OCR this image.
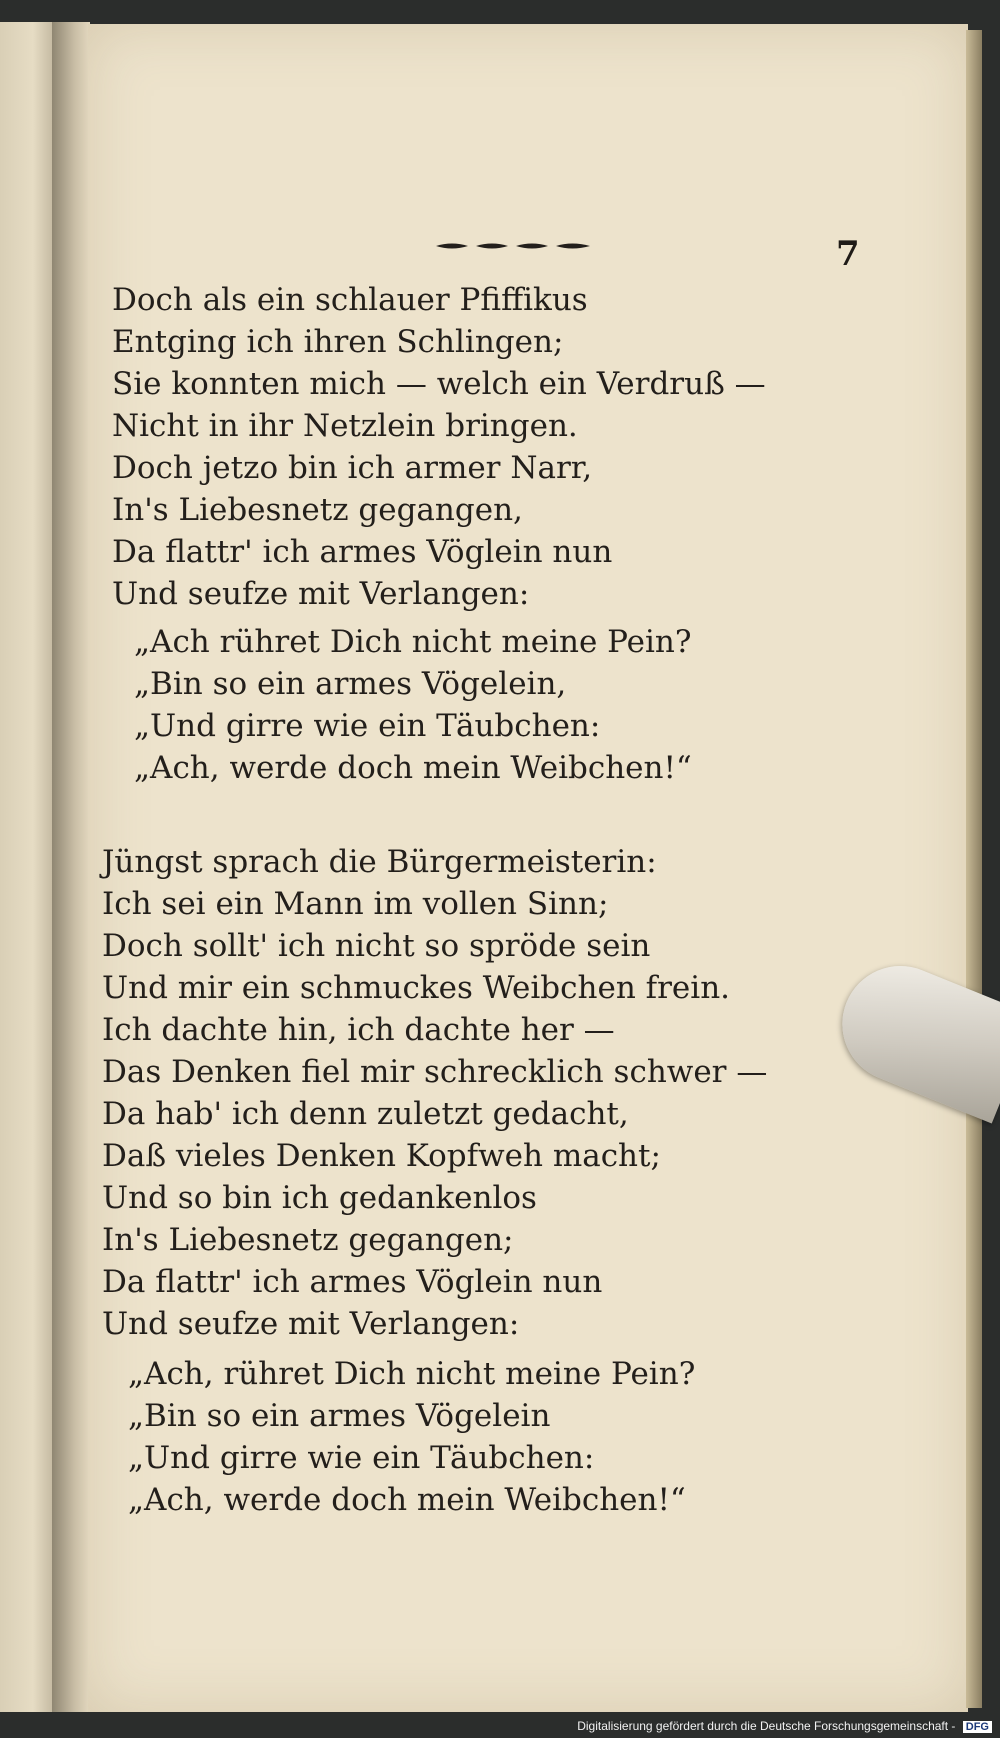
7
Doch als ein schlauer Pfiffikus
Entging ich ihren Schlingen;
Sie konnten mich — welch ein Verdruß —
Nicht in ihr Netzlein bringen.
Doch jetzo bin ich armer Narr,
In's Liebesnetz gegangen,
Da flattr' ich armes Vöglein nun
Und seufze mit Verlangen:
„Ach rühret Dich nicht meine Pein?
„Bin so ein armes Vögelein,
„Und girre wie ein Täubchen:
„Ach, werde doch mein Weibchen!“
Jüngst sprach die Bürgermeisterin:
Ich sei ein Mann im vollen Sinn;
Doch sollt' ich nicht so spröde sein
Und mir ein schmuckes Weibchen frein.
Ich dachte hin, ich dachte her —
Das Denken fiel mir schrecklich schwer —
Da hab' ich denn zuletzt gedacht,
Daß vieles Denken Kopfweh macht;
Und so bin ich gedankenlos
In's Liebesnetz gegangen;
Da flattr' ich armes Vöglein nun
Und seufze mit Verlangen:
„Ach, rühret Dich nicht meine Pein?
„Bin so ein armes Vögelein
„Und girre wie ein Täubchen:
„Ach, werde doch mein Weibchen!“
Digitalisierung gefördert durch die Deutsche Forschungsgemeinschaft - DFG
